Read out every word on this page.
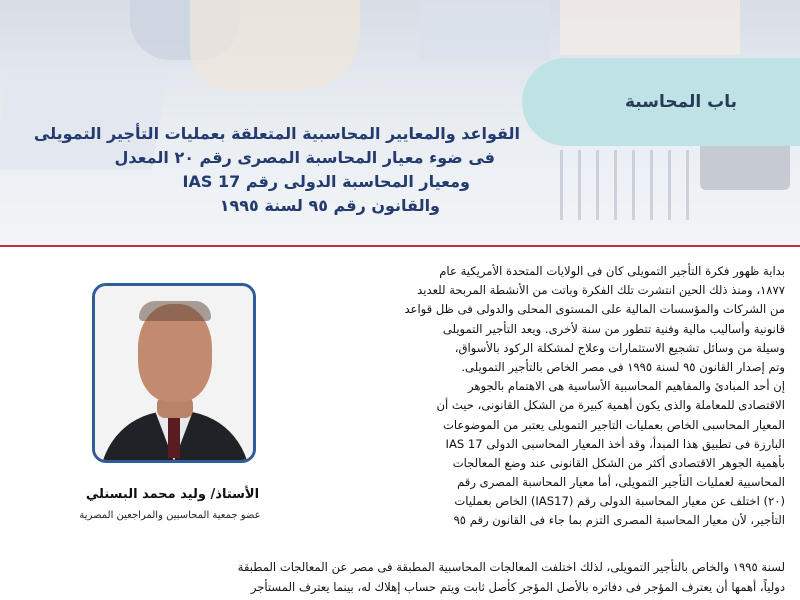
باب المحاسبة
القواعد والمعايير المحاسبية المتعلقة بعمليات التأجير التمويلى
فى ضوء معيار المحاسبة المصرى رقم ٢٠ المعدل
ومعيار المحاسبة الدولى رقم IAS 17
والقانون رقم ٩٥ لسنة ١٩٩٥
الأستاذ/ وليد محمد البسنلي
عضو جمعية المحاسبين والمراجعين المصرية
بداية ظهور فكرة التأجير التمويلى كان فى الولايات المتحدة الأمريكية عام
١٨٧٧، ومنذ ذلك الحين انتشرت تلك الفكرة وباتت من الأنشطة المربحة للعديد
من الشركات والمؤسسات المالية على المستوى المحلى والدولى فى ظل قواعد
قانونية وأساليب مالية وفنية تتطور من سنة لأخرى. ويعد التأجير التمويلى
وسيلة من وسائل تشجيع الاستثمارات وعلاج لمشكلة الركود بالأسواق،
وتم إصدار القانون ٩٥ لسنة ١٩٩٥ فى مصر الخاص بالتأجير التمويلى.
إن أحد المبادئ والمفاهيم المحاسبية الأساسية هى الاهتمام بالجوهر
الاقتصادى للمعاملة والذى يكون أهمية كبيرة من الشكل القانونى، حيث أن
المعيار المحاسبى الخاص بعمليات التاجير التمويلى يعتبر من الموضوعات
البارزة فى تطبيق هذا المبدأ، وقد أخذ المعيار المحاسبى الدولى IAS 17
بأهمية الجوهر الاقتصادى أكثر من الشكل القانونى عند وضع المعالجات
المحاسبية لعمليات التأجير التمويلى، أما معيار المحاسبة المصرى رقم
(٢٠) اختلف عن معيار المحاسبة الدولى رقم (IAS17) الخاص بعمليات
التأجير، لأن معيار المحاسبة المصرى التزم بما جاء فى القانون رقم ٩٥
لسنة ١٩٩٥ والخاص بالتأجير التمويلى، لذلك اختلفت المعالجات المحاسبية المطبقة فى مصر عن المعالجات المطبقة
دولياً، أهمها أن يعترف المؤجر فى دفاتره بالأصل المؤجر كأصل ثابت ويتم حساب إهلاك له، بينما يعترف المستأجر
